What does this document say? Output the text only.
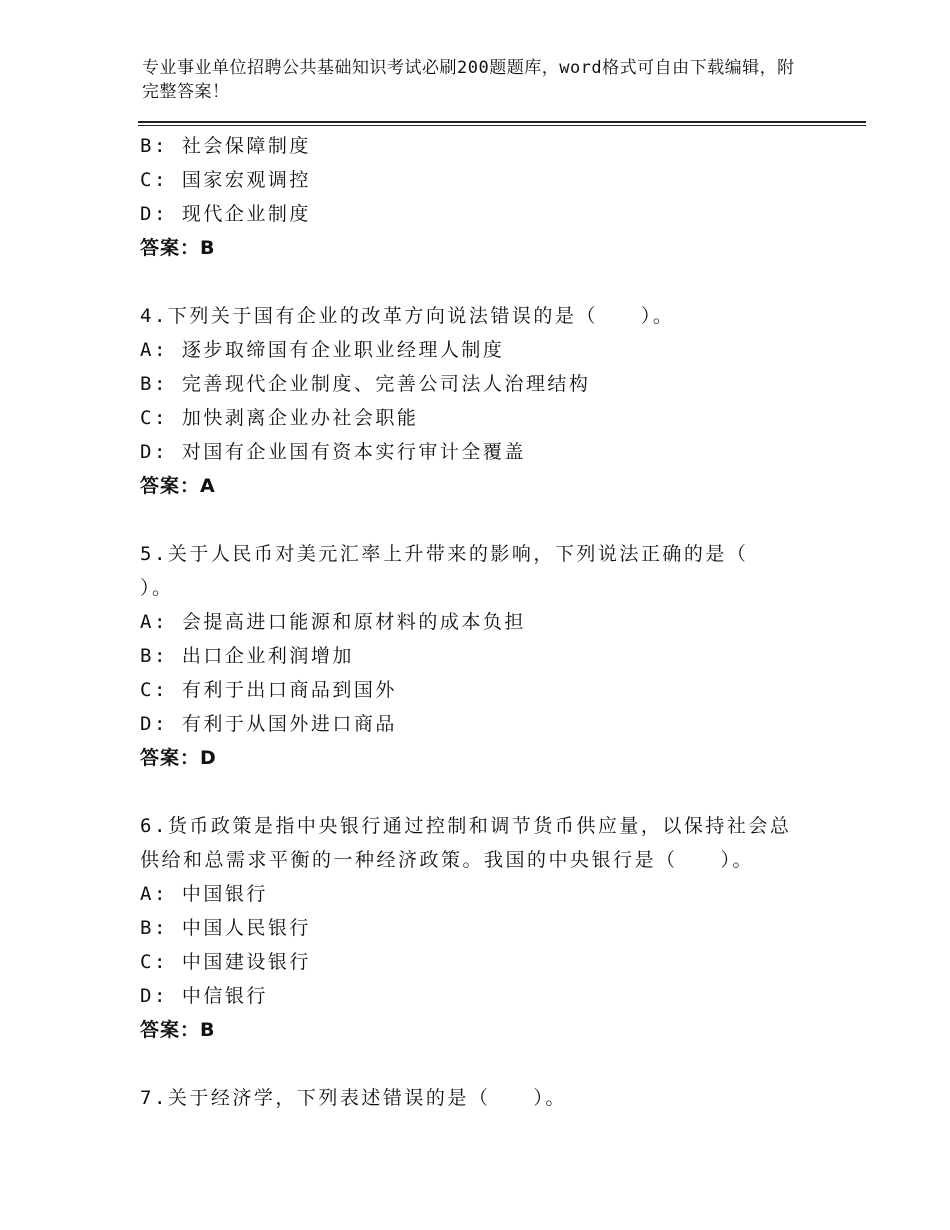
专业事业单位招聘公共基础知识考试必刷200题题库，word格式可自由下载编辑，附完整答案！
B: 社会保障制度
C: 国家宏观调控
D: 现代企业制度
答案：B
4.下列关于国有企业的改革方向说法错误的是（　　）。
A: 逐步取缔国有企业职业经理人制度
B: 完善现代企业制度、完善公司法人治理结构
C: 加快剥离企业办社会职能
D: 对国有企业国有资本实行审计全覆盖
答案：A
5.关于人民币对美元汇率上升带来的影响，下列说法正确的是（
）。
A: 会提高进口能源和原材料的成本负担
B: 出口企业利润增加
C: 有利于出口商品到国外
D: 有利于从国外进口商品
答案：D
6.货币政策是指中央银行通过控制和调节货币供应量，以保持社会总
供给和总需求平衡的一种经济政策。我国的中央银行是（　　）。
A: 中国银行
B: 中国人民银行
C: 中国建设银行
D: 中信银行
答案：B
7.关于经济学，下列表述错误的是（　　）。
